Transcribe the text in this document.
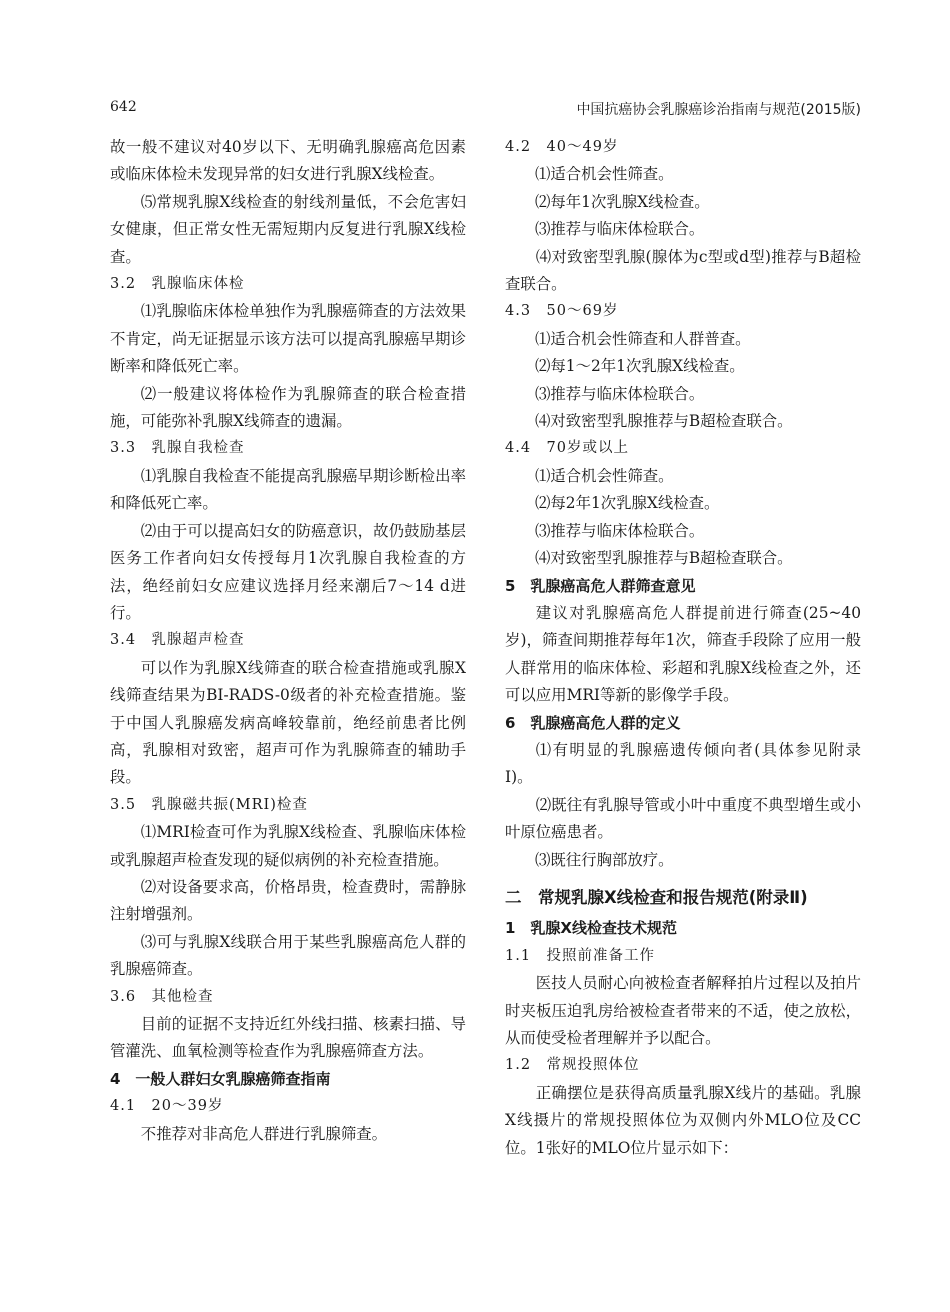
642	中国抗癌协会乳腺癌诊治指南与规范(2015版)
故一般不建议对40岁以下、无明确乳腺癌高危因素或临床体检未发现异常的妇女进行乳腺X线检查。
⑸常规乳腺X线检查的射线剂量低，不会危害妇女健康，但正常女性无需短期内反复进行乳腺X线检查。
3.2　乳腺临床体检
⑴乳腺临床体检单独作为乳腺癌筛查的方法效果不肯定，尚无证据显示该方法可以提高乳腺癌早期诊断率和降低死亡率。
⑵一般建议将体检作为乳腺筛查的联合检查措施，可能弥补乳腺X线筛查的遗漏。
3.3　乳腺自我检查
⑴乳腺自我检查不能提高乳腺癌早期诊断检出率和降低死亡率。
⑵由于可以提高妇女的防癌意识，故仍鼓励基层医务工作者向妇女传授每月1次乳腺自我检查的方法，绝经前妇女应建议选择月经来潮后7～14 d进行。
3.4　乳腺超声检查
可以作为乳腺X线筛查的联合检查措施或乳腺X线筛查结果为BI-RADS-0级者的补充检查措施。鉴于中国人乳腺癌发病高峰较靠前，绝经前患者比例高，乳腺相对致密，超声可作为乳腺筛查的辅助手段。
3.5　乳腺磁共振(MRI)检查
⑴MRI检查可作为乳腺X线检查、乳腺临床体检或乳腺超声检查发现的疑似病例的补充检查措施。
⑵对设备要求高，价格昂贵，检查费时，需静脉注射增强剂。
⑶可与乳腺X线联合用于某些乳腺癌高危人群的乳腺癌筛查。
3.6　其他检查
目前的证据不支持近红外线扫描、核素扫描、导管灌洗、血氧检测等检查作为乳腺癌筛查方法。
4　一般人群妇女乳腺癌筛查指南
4.1　20～39岁
不推荐对非高危人群进行乳腺筛查。
4.2　40～49岁
⑴适合机会性筛查。
⑵每年1次乳腺X线检查。
⑶推荐与临床体检联合。
⑷对致密型乳腺(腺体为c型或d型)推荐与B超检查联合。
4.3　50～69岁
⑴适合机会性筛查和人群普查。
⑵每1～2年1次乳腺X线检查。
⑶推荐与临床体检联合。
⑷对致密型乳腺推荐与B超检查联合。
4.4　70岁或以上
⑴适合机会性筛查。
⑵每2年1次乳腺X线检查。
⑶推荐与临床体检联合。
⑷对致密型乳腺推荐与B超检查联合。
5　乳腺癌高危人群筛查意见
建议对乳腺癌高危人群提前进行筛查(25~40岁)，筛查间期推荐每年1次，筛查手段除了应用一般人群常用的临床体检、彩超和乳腺X线检查之外，还可以应用MRI等新的影像学手段。
6　乳腺癌高危人群的定义
⑴有明显的乳腺癌遗传倾向者(具体参见附录Ⅰ)。
⑵既往有乳腺导管或小叶中重度不典型增生或小叶原位癌患者。
⑶既往行胸部放疗。
二　常规乳腺X线检查和报告规范(附录Ⅱ)
1　乳腺X线检查技术规范
1.1　投照前准备工作
医技人员耐心向被检查者解释拍片过程以及拍片时夹板压迫乳房给被检查者带来的不适，使之放松，从而使受检者理解并予以配合。
1.2　常规投照体位
正确摆位是获得高质量乳腺X线片的基础。乳腺X线摄片的常规投照体位为双侧内外MLO位及CC位。1张好的MLO位片显示如下：
